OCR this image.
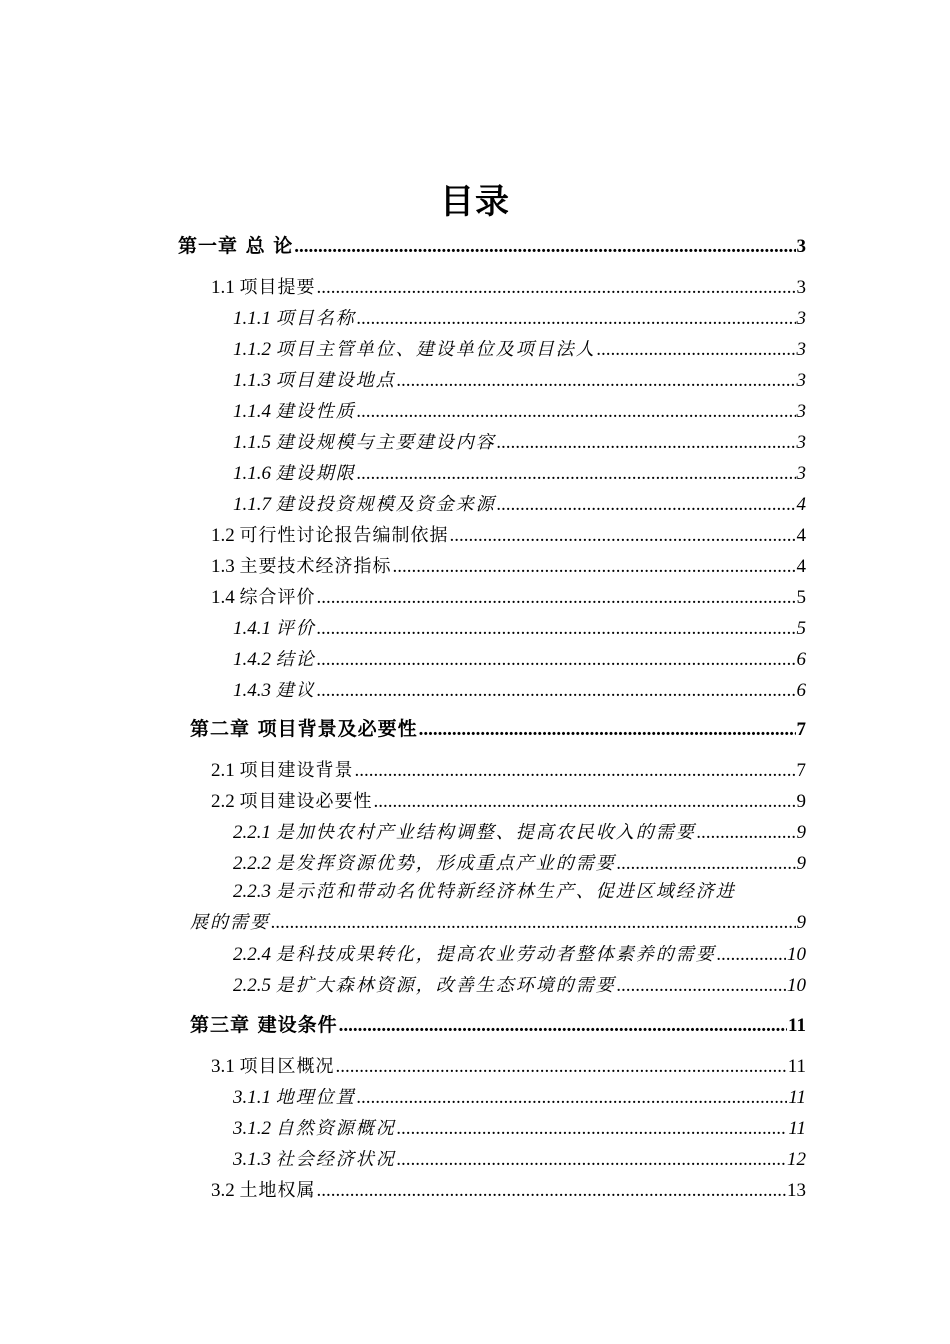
目录
第一章 总 论 .....	3
1.1 项目提要 .....	3
1.1.1 项目名称 .....	3
1.1.2 项目主管单位、建设单位及项目法人 .....	3
1.1.3 项目建设地点 .....	3
1.1.4 建设性质 .....	3
1.1.5 建设规模与主要建设内容 .....	3
1.1.6 建设期限 .....	3
1.1.7 建设投资规模及资金来源 .....	4
1.2 可行性讨论报告编制依据 .....	4
1.3 主要技术经济指标 .....	4
1.4 综合评价 .....	5
1.4.1 评价 .....	5
1.4.2 结论 .....	6
1.4.3 建议 .....	6
第二章 项目背景及必要性 .....	7
2.1 项目建设背景 .....	7
2.2 项目建设必要性 .....	9
2.2.1 是加快农村产业结构调整、提高农民收入的需要 .....	9
2.2.2 是发挥资源优势，形成重点产业的需要 .....	9
2.2.3 是示范和带动名优特新经济林生产、促进区域经济进
展的需要 .....	9
2.2.4 是科技成果转化，提高农业劳动者整体素养的需要 .....	10
2.2.5 是扩大森林资源，改善生态环境的需要 .....	10
第三章 建设条件 .....	11
3.1 项目区概况 .....	11
3.1.1 地理位置 .....	11
3.1.2 自然资源概况 .....	11
3.1.3 社会经济状况 .....	12
3.2 土地权属 .....	13
